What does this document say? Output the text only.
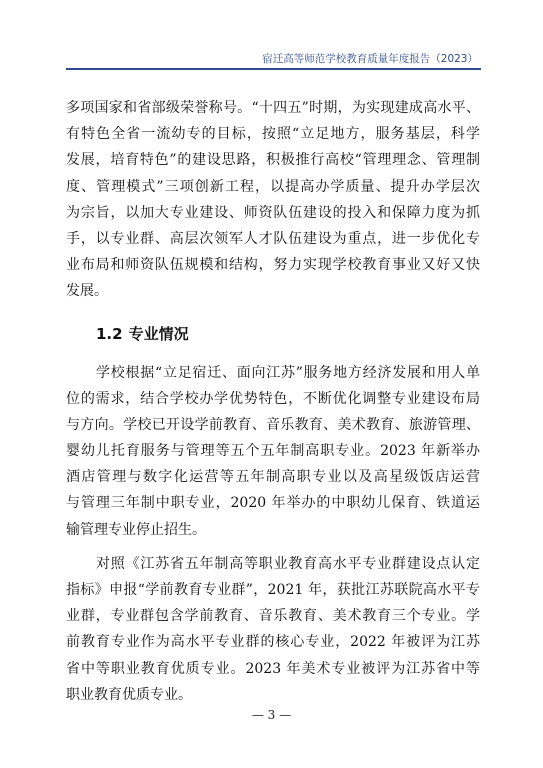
宿迁高等师范学校教育质量年度报告（2023）
多项国家和省部级荣誉称号。“十四五”时期，为实现建成高水平、
有特色全省一流幼专的目标，按照“立足地方，服务基层，科学
发展，培育特色”的建设思路，积极推行高校“管理理念、管理制
度、管理模式”三项创新工程，以提高办学质量、提升办学层次
为宗旨，以加大专业建设、师资队伍建设的投入和保障力度为抓
手，以专业群、高层次领军人才队伍建设为重点，进一步优化专
业布局和师资队伍规模和结构，努力实现学校教育事业又好又快
发展。
1.2 专业情况
学校根据“立足宿迁、面向江苏”服务地方经济发展和用人单
位的需求，结合学校办学优势特色，不断优化调整专业建设布局
与方向。学校已开设学前教育、音乐教育、美术教育、旅游管理、
婴幼儿托育服务与管理等五个五年制高职专业。2023 年新举办
酒店管理与数字化运营等五年制高职专业以及高星级饭店运营
与管理三年制中职专业，2020 年举办的中职幼儿保育、铁道运
输管理专业停止招生。
对照《江苏省五年制高等职业教育高水平专业群建设点认定
指标》申报“学前教育专业群”，2021 年，获批江苏联院高水平专
业群，专业群包含学前教育、音乐教育、美术教育三个专业。学
前教育专业作为高水平专业群的核心专业，2022 年被评为江苏
省中等职业教育优质专业。2023 年美术专业被评为江苏省中等
职业教育优质专业。
— 3 —
